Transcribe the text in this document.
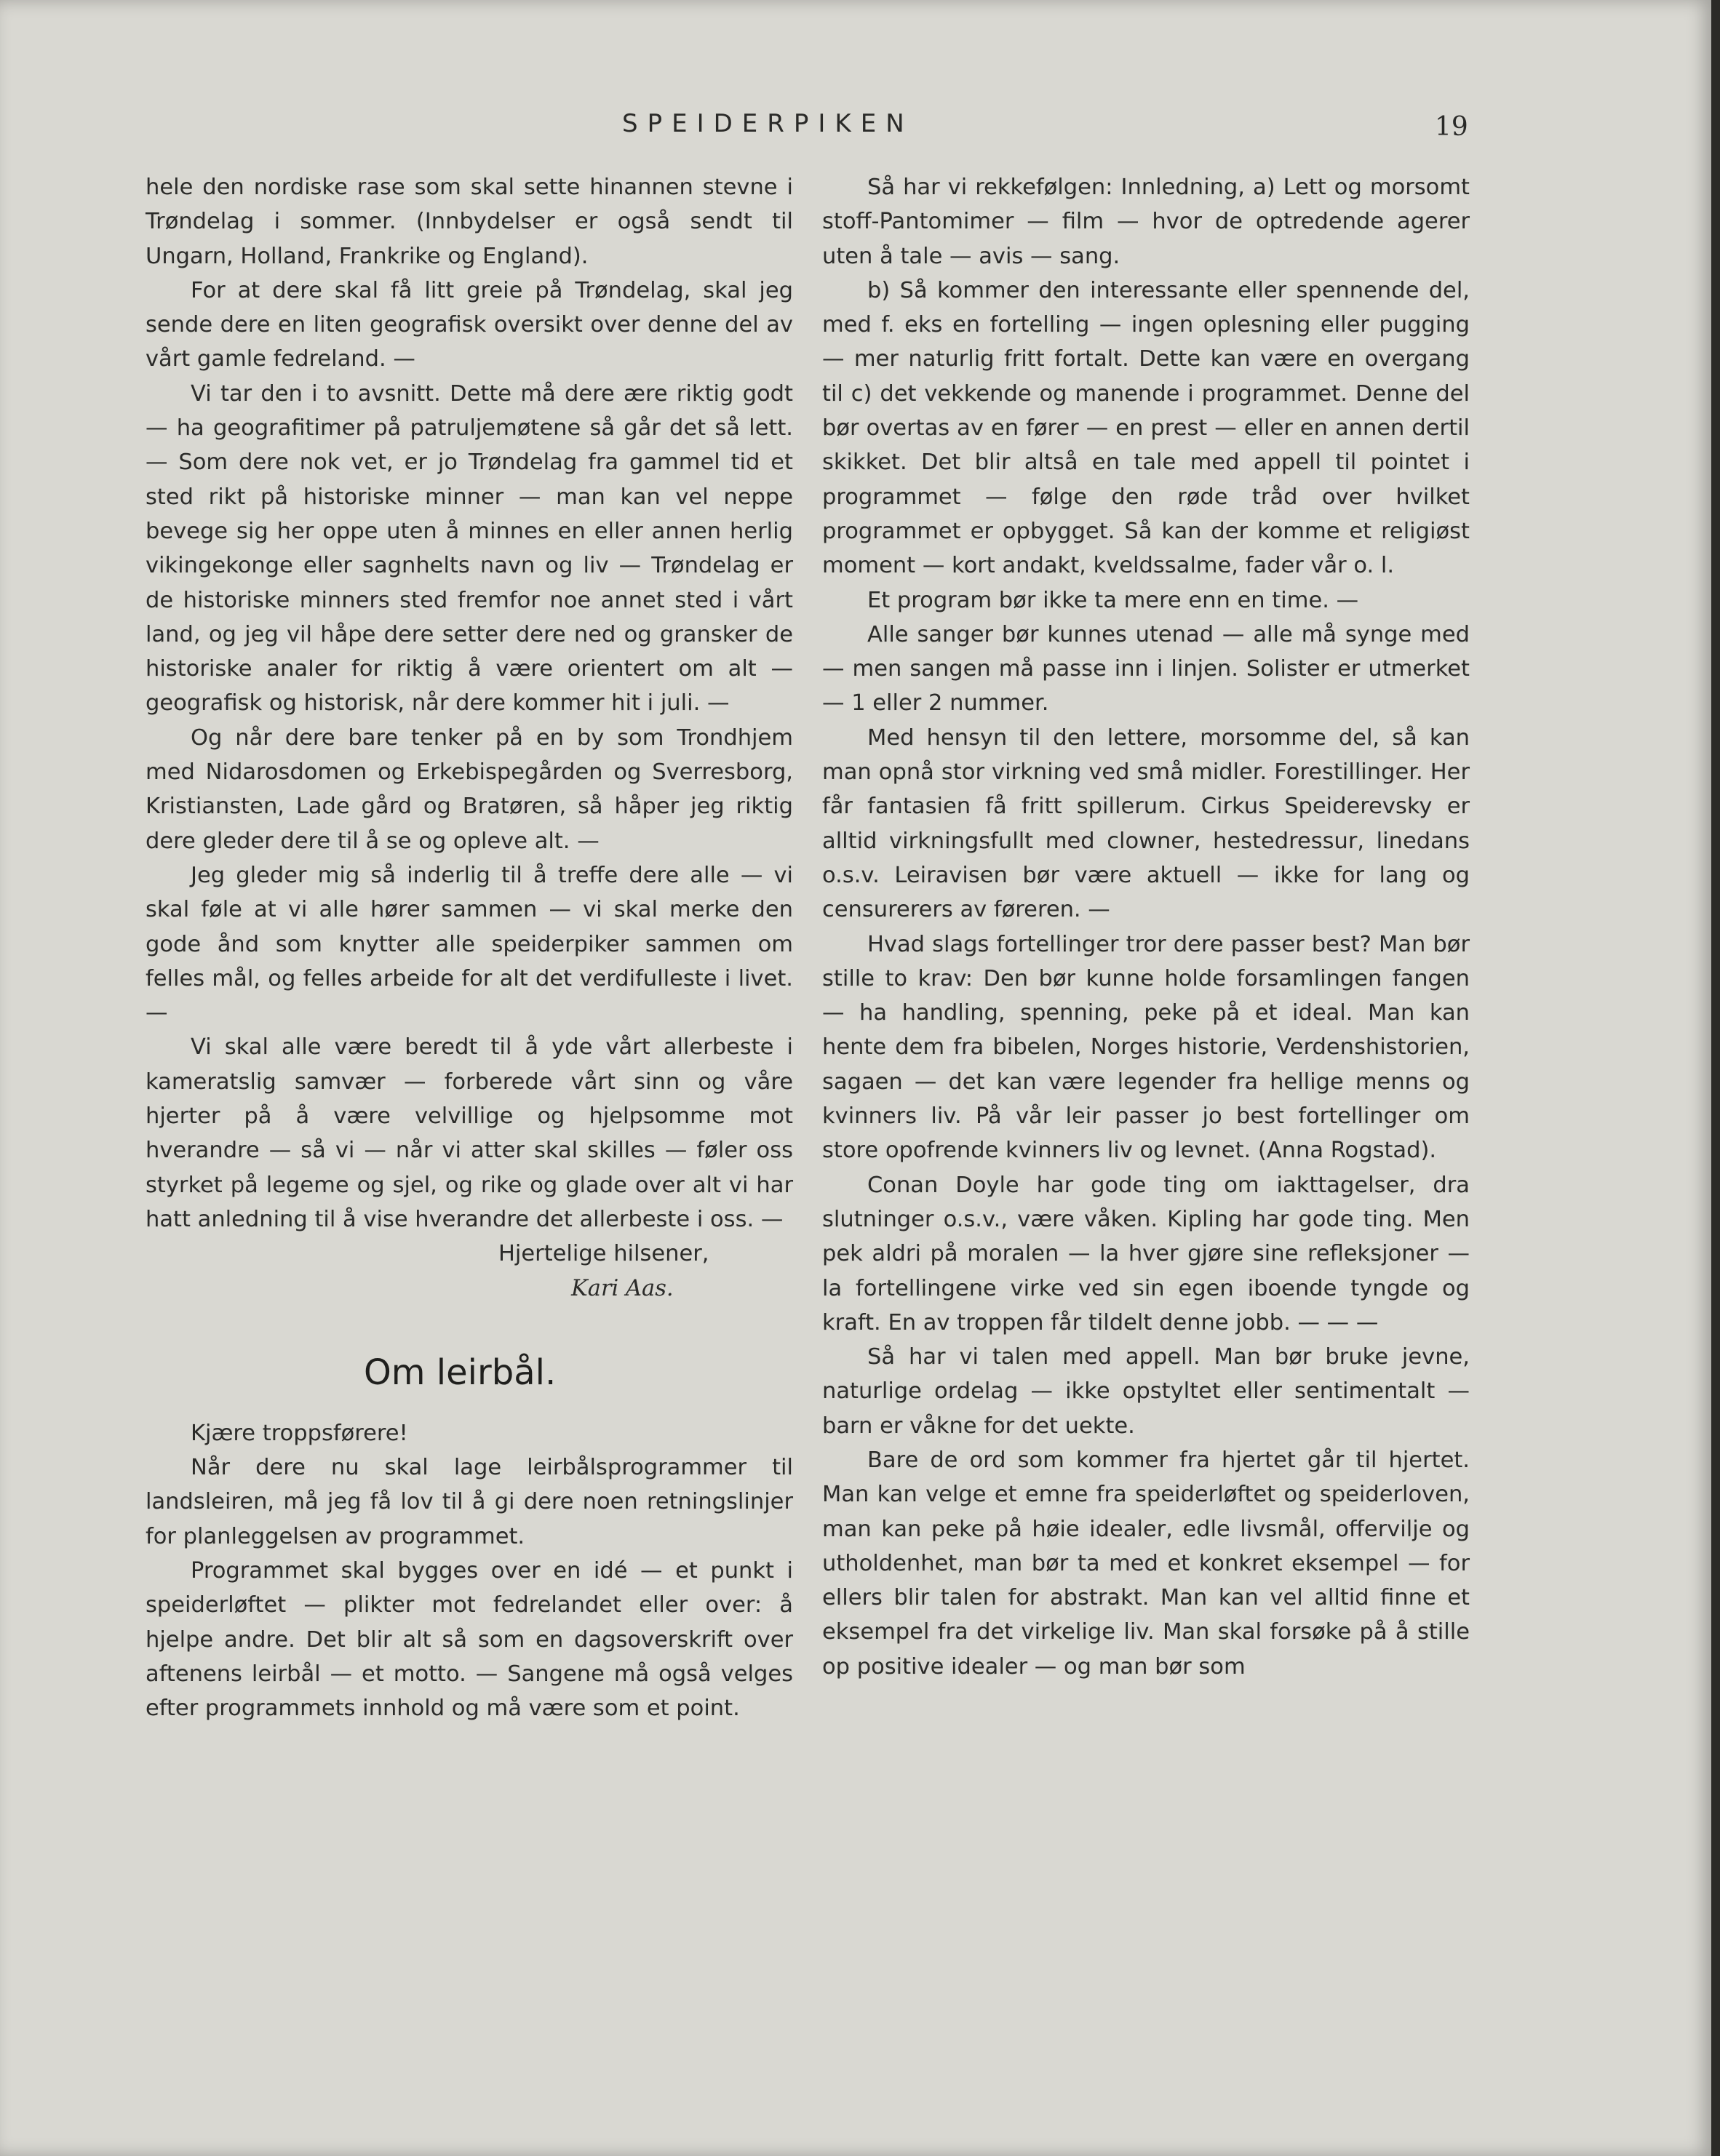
SPEIDERPIKEN	19

hele den nordiske rase som skal sette hinannen stevne i Trøndelag i sommer. (Innbydelser er også sendt til Ungarn, Holland, Frankrike og England).

For at dere skal få litt greie på Trøndelag, skal jeg sende dere en liten geografisk oversikt over denne del av vårt gamle fedreland. —

Vi tar den i to avsnitt. Dette må dere ære riktig godt — ha geografitimer på patruljemøtene så går det så lett. — Som dere nok vet, er jo Trøndelag fra gammel tid et sted rikt på historiske minner — man kan vel neppe bevege sig her oppe uten å minnes en eller annen herlig vikingekonge eller sagnhelts navn og liv — Trøndelag er de historiske minners sted fremfor noe annet sted i vårt land, og jeg vil håpe dere setter dere ned og gransker de historiske anaIer for riktig å være orientert om alt — geografisk og historisk, når dere kommer hit i juli. —

Og når dere bare tenker på en by som Trondhjem med Nidarosdomen og Erkebispegården og Sverresborg, Kristiansten, Lade gård og Bratøren, så håper jeg riktig dere gleder dere til å se og opleve alt. —

Jeg gleder mig så inderlig til å treffe dere alle — vi skal føle at vi alle hører sammen — vi skal merke den gode ånd som knytter alle speiderpiker sammen om felles mål, og felles arbeide for alt det verdifulleste i livet. —

Vi skal alle være beredt til å yde vårt allerbeste i kameratslig samvær — forberede vårt sinn og våre hjerter på å være velvillige og hjelpsomme mot hverandre — så vi — når vi atter skal skilles — føler oss styrket på legeme og sjel, og rike og glade over alt vi har hatt anledning til å vise hverandre det allerbeste i oss. —

Hjertelige hilsener,
Kari Aas.
Om leirbål.

Kjære troppsførere!

Når dere nu skal lage leirbålsprogrammer til landsleiren, må jeg få lov til å gi dere noen retningslinjer for planleggelsen av programmet.

Programmet skal bygges over en idé — et punkt i speiderløftet — plikter mot fedrelandet eller over: å hjelpe andre. Det blir alt så som en dagsoverskrift over aftenens leirbål — et motto. — Sangene må også velges efter programmets innhold og må være som et point.

Så har vi rekkefølgen: Innledning, a) Lett og morsomt stoff-Pantomimer — film — hvor de optredende agerer uten å tale — avis — sang.

b) Så kommer den interessante eller spennende del, med f. eks en fortelling — ingen oplesning eller pugging — mer naturlig fritt fortalt. Dette kan være en overgang til c) det vekkende og manende i programmet. Denne del bør overtas av en fører — en prest — eller en annen dertil skikket. Det blir altså en tale med appell til pointet i programmet — følge den røde tråd over hvilket programmet er opbygget. Så kan der komme et religiøst moment — kort andakt, kveldssalme, fader vår o. l.

Et program bør ikke ta mere enn en time. —

Alle sanger bør kunnes utenad — alle må synge med — men sangen må passe inn i linjen. Solister er utmerket — 1 eller 2 nummer.

Med hensyn til den lettere, morsomme del, så kan man opnå stor virkning ved små midler. Forestillinger. Her får fantasien få fritt spillerum. Cirkus Speiderevsky er alltid virkningsfullt med clowner, hestedressur, linedans o.s.v. Leiravisen bør være aktuell — ikke for lang og censurerers av føreren. —

Hvad slags fortellinger tror dere passer best? Man bør stille to krav: Den bør kunne holde forsamlingen fangen — ha handling, spenning, peke på et ideal. Man kan hente dem fra bibelen, Norges historie, Verdenshistorien, sagaen — det kan være legender fra hellige menns og kvinners liv. På vår leir passer jo best fortellinger om store opofrende kvinners liv og levnet. (Anna Rogstad).

Conan Doyle har gode ting om iakttagelser, dra slutninger o.s.v., være våken. Kipling har gode ting. Men pek aldri på moralen — la hver gjøre sine refleksjoner — la fortellingene virke ved sin egen iboende tyngde og kraft. En av troppen får tildelt denne jobb. — — —

Så har vi talen med appell. Man bør bruke jevne, naturlige ordelag — ikke opstyltet eller sentimentalt — barn er våkne for det uekte.

Bare de ord som kommer fra hjertet går til hjertet. Man kan velge et emne fra speiderløftet og speiderloven, man kan peke på høie idealer, edle livsmål, offervilje og utholdenhet, man bør ta med et konkret eksempel — for ellers blir talen for abstrakt. Man kan vel alltid finne et eksempel fra det virkelige liv. Man skal forsøke på å stille op positive idealer — og man bør som
